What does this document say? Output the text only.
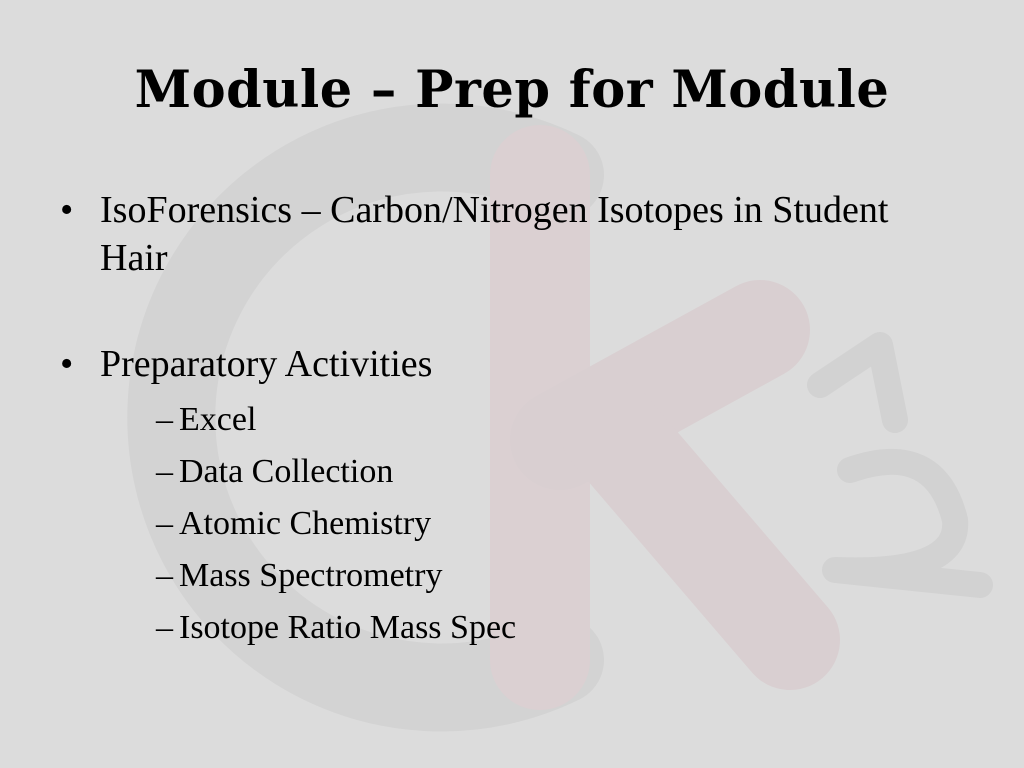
Module – Prep for Module
• IsoForensics – Carbon/Nitrogen Isotopes in Student Hair
• Preparatory Activities
– Excel
– Data Collection
– Atomic Chemistry
– Mass Spectrometry
– Isotope Ratio Mass Spec
